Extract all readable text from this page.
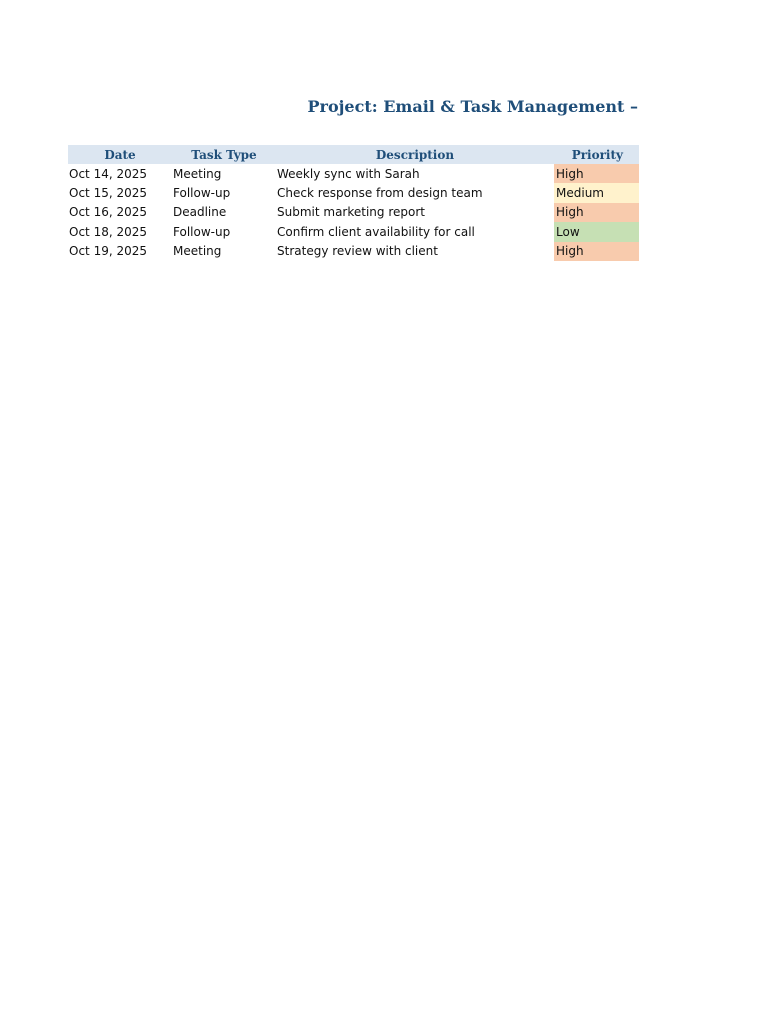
Project: Email & Task Management –
Date	Task Type	Description	Priority
Oct 14, 2025	Meeting	Weekly sync with Sarah	High
Oct 15, 2025	Follow-up	Check response from design team	Medium
Oct 16, 2025	Deadline	Submit marketing report	High
Oct 18, 2025	Follow-up	Confirm client availability for call	Low
Oct 19, 2025	Meeting	Strategy review with client	High
